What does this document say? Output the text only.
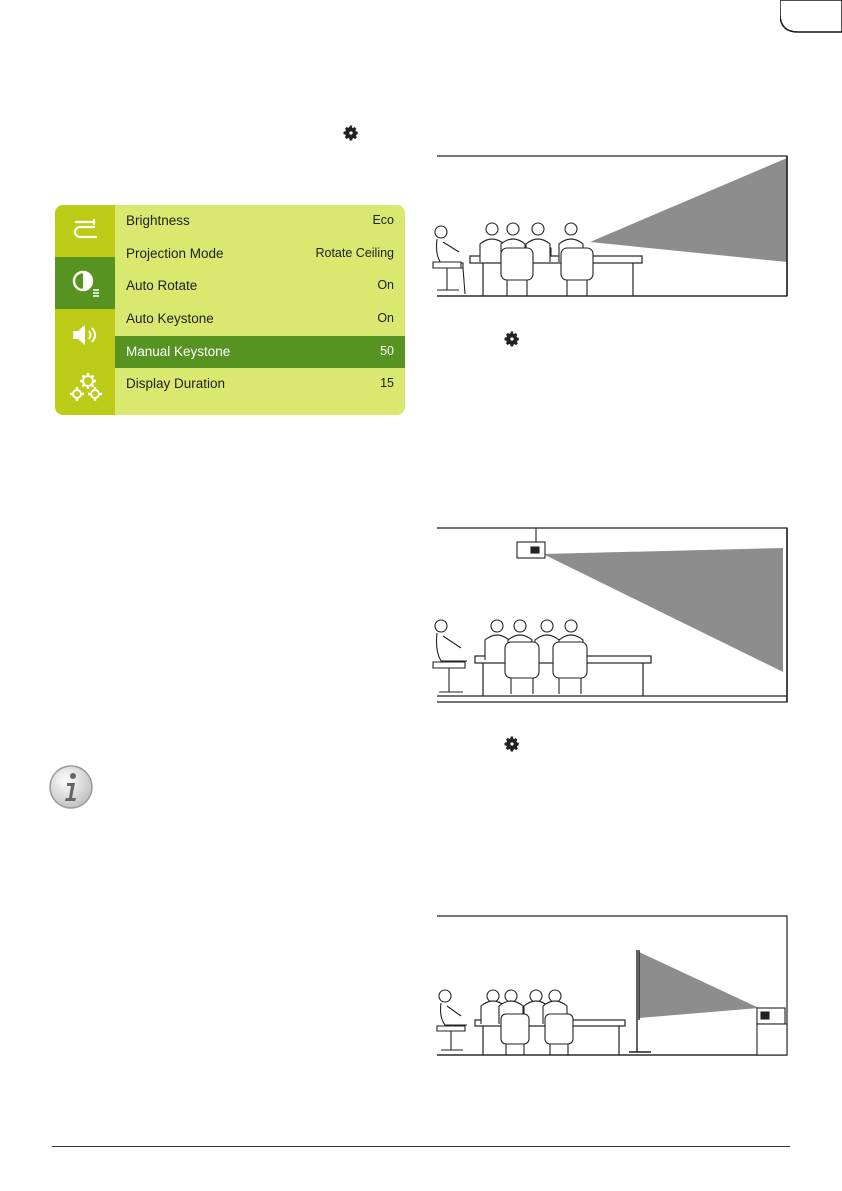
Brightness	Eco
Projection Mode	Rotate Ceiling
Auto Rotate	On
Auto Keystone	On
Manual Keystone	50
Display Duration	15
